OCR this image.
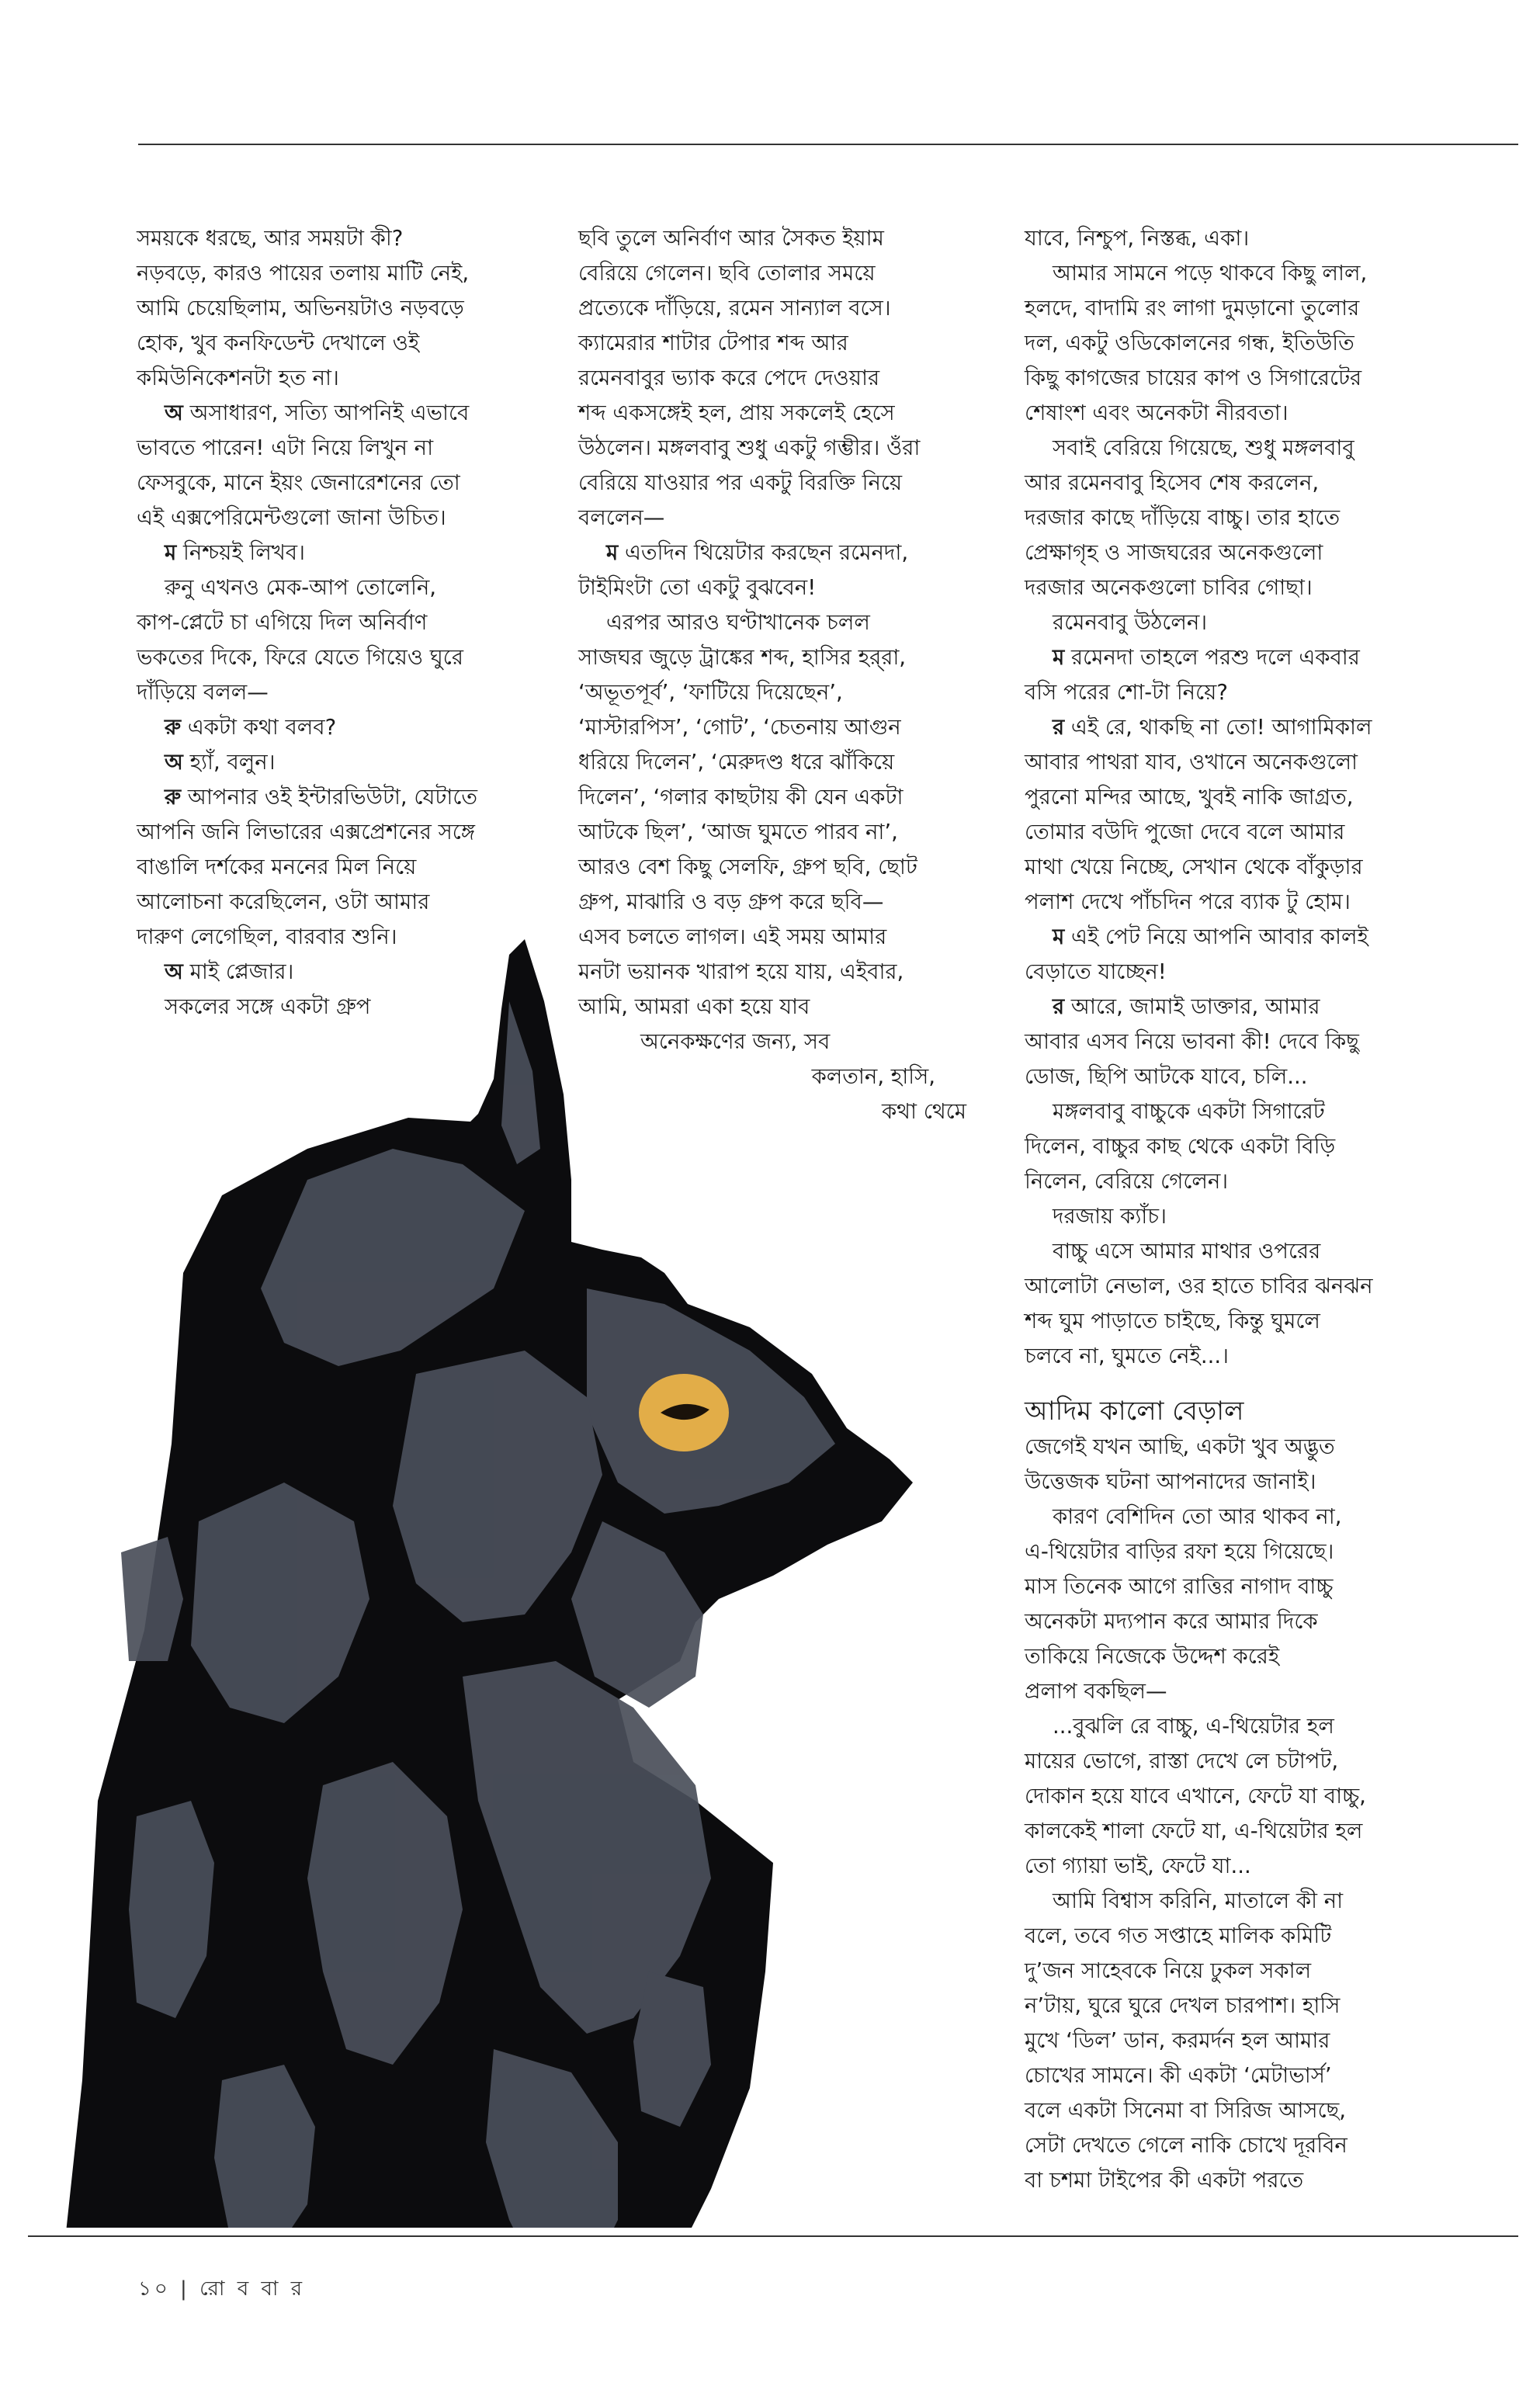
সময়কে ধরছে, আর সময়টা কী?

নড়বড়ে, কারও পায়ের তলায় মাটি নেই,

আমি চেয়েছিলাম, অভিনয়টাও নড়বড়ে

হোক, খুব কনফিডেন্ট দেখালে ওই

কমিউনিকেশনটা হত না।

অ অসাধারণ, সত্যি আপনিই এভাবে

ভাবতে পারেন! এটা নিয়ে লিখুন না

ফেসবুকে, মানে ইয়ং জেনারেশনের তো

এই এক্সপেরিমেন্টগুলো জানা উচিত।

ম নিশ্চয়ই লিখব।

রুনু এখনও মেক-আপ তোলেনি,

কাপ-প্লেটে চা এগিয়ে দিল অনির্বাণ

ভকতের দিকে, ফিরে যেতে গিয়েও ঘুরে

দাঁড়িয়ে বলল—

রু একটা কথা বলব?

অ হ্যাঁ, বলুন।

রু আপনার ওই ইন্টারভিউটা, যেটাতে

আপনি জনি লিভারের এক্সপ্রেশনের সঙ্গে

বাঙালি দর্শকের মননের মিল নিয়ে

আলোচনা করেছিলেন, ওটা আমার

দারুণ লেগেছিল, বারবার শুনি।

অ মাই প্লেজার।

সকলের সঙ্গে একটা গ্রুপ

ছবি তুলে অনির্বাণ আর সৈকত ইয়াম

বেরিয়ে গেলেন। ছবি তোলার সময়ে

প্রত্যেকে দাঁড়িয়ে, রমেন সান্যাল বসে।

ক্যামেরার শাটার টেপার শব্দ আর

রমেনবাবুর ভ্যাক করে পেদে দেওয়ার

শব্দ একসঙ্গেই হল, প্রায় সকলেই হেসে

উঠলেন। মঙ্গলবাবু শুধু একটু গম্ভীর। ওঁরা

বেরিয়ে যাওয়ার পর একটু বিরক্তি নিয়ে

বললেন—

ম এতদিন থিয়েটার করছেন রমেনদা,

টাইমিংটা তো একটু বুঝবেন!

এরপর আরও ঘণ্টাখানেক চলল

সাজঘর জুড়ে ট্রাঙ্কের শব্দ, হাসির হর্‌রা,

‘অভূতপূর্ব’, ‘ফাটিয়ে দিয়েছেন’,

‘মাস্টারপিস’, ‘গোট’, ‘চেতনায় আগুন

ধরিয়ে দিলেন’, ‘মেরুদণ্ড ধরে ঝাঁকিয়ে

দিলেন’, ‘গলার কাছটায় কী যেন একটা

আটকে ছিল’, ‘আজ ঘুমতে পারব না’,

আরও বেশ কিছু সেলফি, গ্রুপ ছবি, ছোট

গ্রুপ, মাঝারি ও বড় গ্রুপ করে ছবি—

এসব চলতে লাগল। এই সময় আমার

মনটা ভয়ানক খারাপ হয়ে যায়, এইবার,

আমি, আমরা একা হয়ে যাব

অনেকক্ষণের জন্য, সব

কলতান, হাসি,

কথা থেমে

যাবে, নিশ্চুপ, নিস্তব্ধ, একা।

আমার সামনে পড়ে থাকবে কিছু লাল,

হলদে, বাদামি রং লাগা দুমড়ানো তুলোর

দল, একটু ওডিকোলনের গন্ধ, ইতিউতি

কিছু কাগজের চায়ের কাপ ও সিগারেটের

শেষাংশ এবং অনেকটা নীরবতা।

সবাই বেরিয়ে গিয়েছে, শুধু মঙ্গলবাবু

আর রমেনবাবু হিসেব শেষ করলেন,

দরজার কাছে দাঁড়িয়ে বাচ্চু। তার হাতে

প্রেক্ষাগৃহ ও সাজঘরের অনেকগুলো

দরজার অনেকগুলো চাবির গোছা।

রমেনবাবু উঠলেন।

ম রমেনদা তাহলে পরশু দলে একবার

বসি পরের শো-টা নিয়ে?

র এই রে, থাকছি না তো! আগামিকাল

আবার পাথরা যাব, ওখানে অনেকগুলো

পুরনো মন্দির আছে, খুবই নাকি জাগ্রত,

তোমার বউদি পুজো দেবে বলে আমার

মাথা খেয়ে নিচ্ছে, সেখান থেকে বাঁকুড়ার

পলাশ দেখে পাঁচদিন পরে ব্যাক টু হোম।

ম এই পেট নিয়ে আপনি আবার কালই

বেড়াতে যাচ্ছেন!

র আরে, জামাই ডাক্তার, আমার

আবার এসব নিয়ে ভাবনা কী! দেবে কিছু

ডোজ, ছিপি আটকে যাবে, চলি...

মঙ্গলবাবু বাচ্চুকে একটা সিগারেট

দিলেন, বাচ্চুর কাছ থেকে একটা বিড়ি

নিলেন, বেরিয়ে গেলেন।

দরজায় ক্যাঁচ।

বাচ্চু এসে আমার মাথার ওপরের

আলোটা নেভাল, ওর হাতে চাবির ঝনঝন

শব্দ ঘুম পাড়াতে চাইছে, কিন্তু ঘুমলে

চলবে না, ঘুমতে নেই...।

আদিম কালো বেড়াল

জেগেই যখন আছি, একটা খুব অদ্ভুত

উত্তেজক ঘটনা আপনাদের জানাই।

কারণ বেশিদিন তো আর থাকব না,

এ-থিয়েটার বাড়ির রফা হয়ে গিয়েছে।

মাস তিনেক আগে রাত্তির নাগাদ বাচ্চু

অনেকটা মদ্যপান করে আমার দিকে

তাকিয়ে নিজেকে উদ্দেশ করেই

প্রলাপ বকছিল—

...বুঝলি রে বাচ্চু, এ-থিয়েটার হল

মায়ের ভোগে, রাস্তা দেখে লে চটাপট,

দোকান হয়ে যাবে এখানে, ফেটে যা বাচ্চু,

কালকেই শালা ফেটে যা, এ-থিয়েটার হল

তো গ্যায়া ভাই, ফেটে যা...

আমি বিশ্বাস করিনি, মাতালে কী না

বলে, তবে গত সপ্তাহে মালিক কমিটি

দু’জন সাহেবকে নিয়ে ঢুকল সকাল

ন’টায়, ঘুরে ঘুরে দেখল চারপাশ। হাসি

মুখে ‘ডিল’ ডান, করমর্দন হল আমার

চোখের সামনে। কী একটা ‘মেটাভার্স’

বলে একটা সিনেমা বা সিরিজ আসছে,

সেটা দেখতে গেলে নাকি চোখে দূরবিন

বা চশমা টাইপের কী একটা পরতে

১০ | রো ব বা র
